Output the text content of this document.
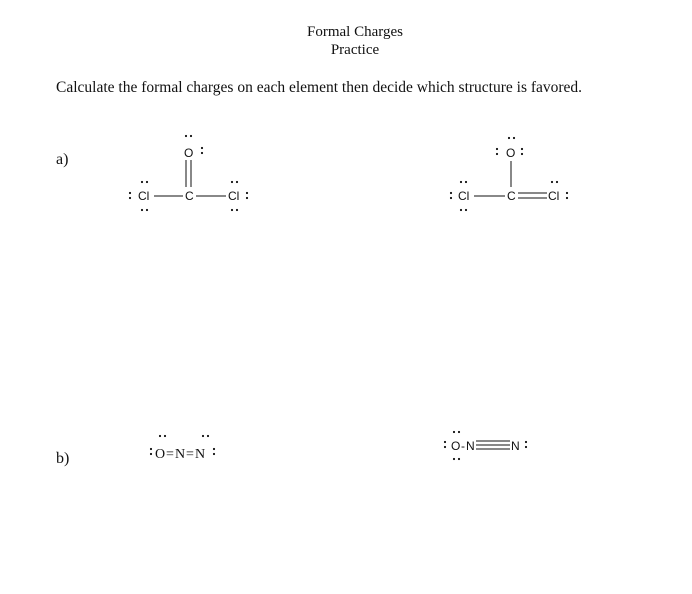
Formal Charges
Practice
Calculate the formal charges on each element then decide which structure is favored.
a)
b)
Cl	C	Cl
O
Cl	C	Cl
O
O = N = N
O - N	N
